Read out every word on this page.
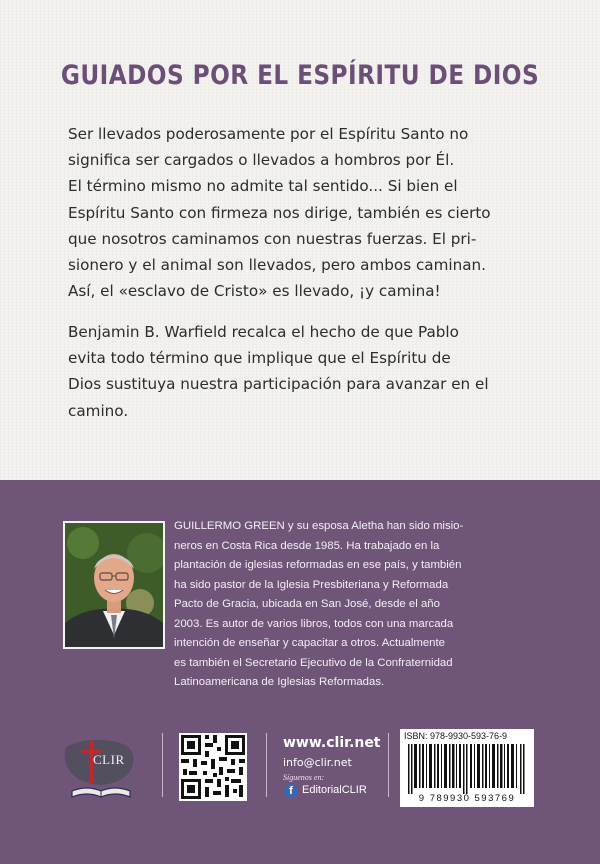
GUIADOS POR EL ESPÍRITU DE DIOS
Ser llevados poderosamente por el Espíritu Santo no
significa ser cargados o llevados a hombros por Él.
El término mismo no admite tal sentido... Si bien el
Espíritu Santo con firmeza nos dirige, también es cierto
que nosotros caminamos con nuestras fuerzas. El pri-
sionero y el animal son llevados, pero ambos caminan.
Así, el «esclavo de Cristo» es llevado, ¡y camina!
Benjamin B. Warfield recalca el hecho de que Pablo
evita todo término que implique que el Espíritu de
Dios sustituya nuestra participación para avanzar en el
camino.
GUILLERMO GREEN y su esposa Aletha han sido misio-
neros en Costa Rica desde 1985. Ha trabajado en la
plantación de iglesias reformadas en ese país, y también
ha sido pastor de la Iglesia Presbiteriana y Reformada
Pacto de Gracia, ubicada en San José, desde el año
2003. Es autor de varios libros, todos con una marcada
intención de enseñar y capacitar a otros. Actualmente
es también el Secretario Ejecutivo de la Confraternidad
Latinoamericana de Iglesias Reformadas.
CLIR
www.clir.net
info@clir.net
Síguenos en:
f EditorialCLIR
ISBN: 978-9930-593-76-9
9 789930 593769
